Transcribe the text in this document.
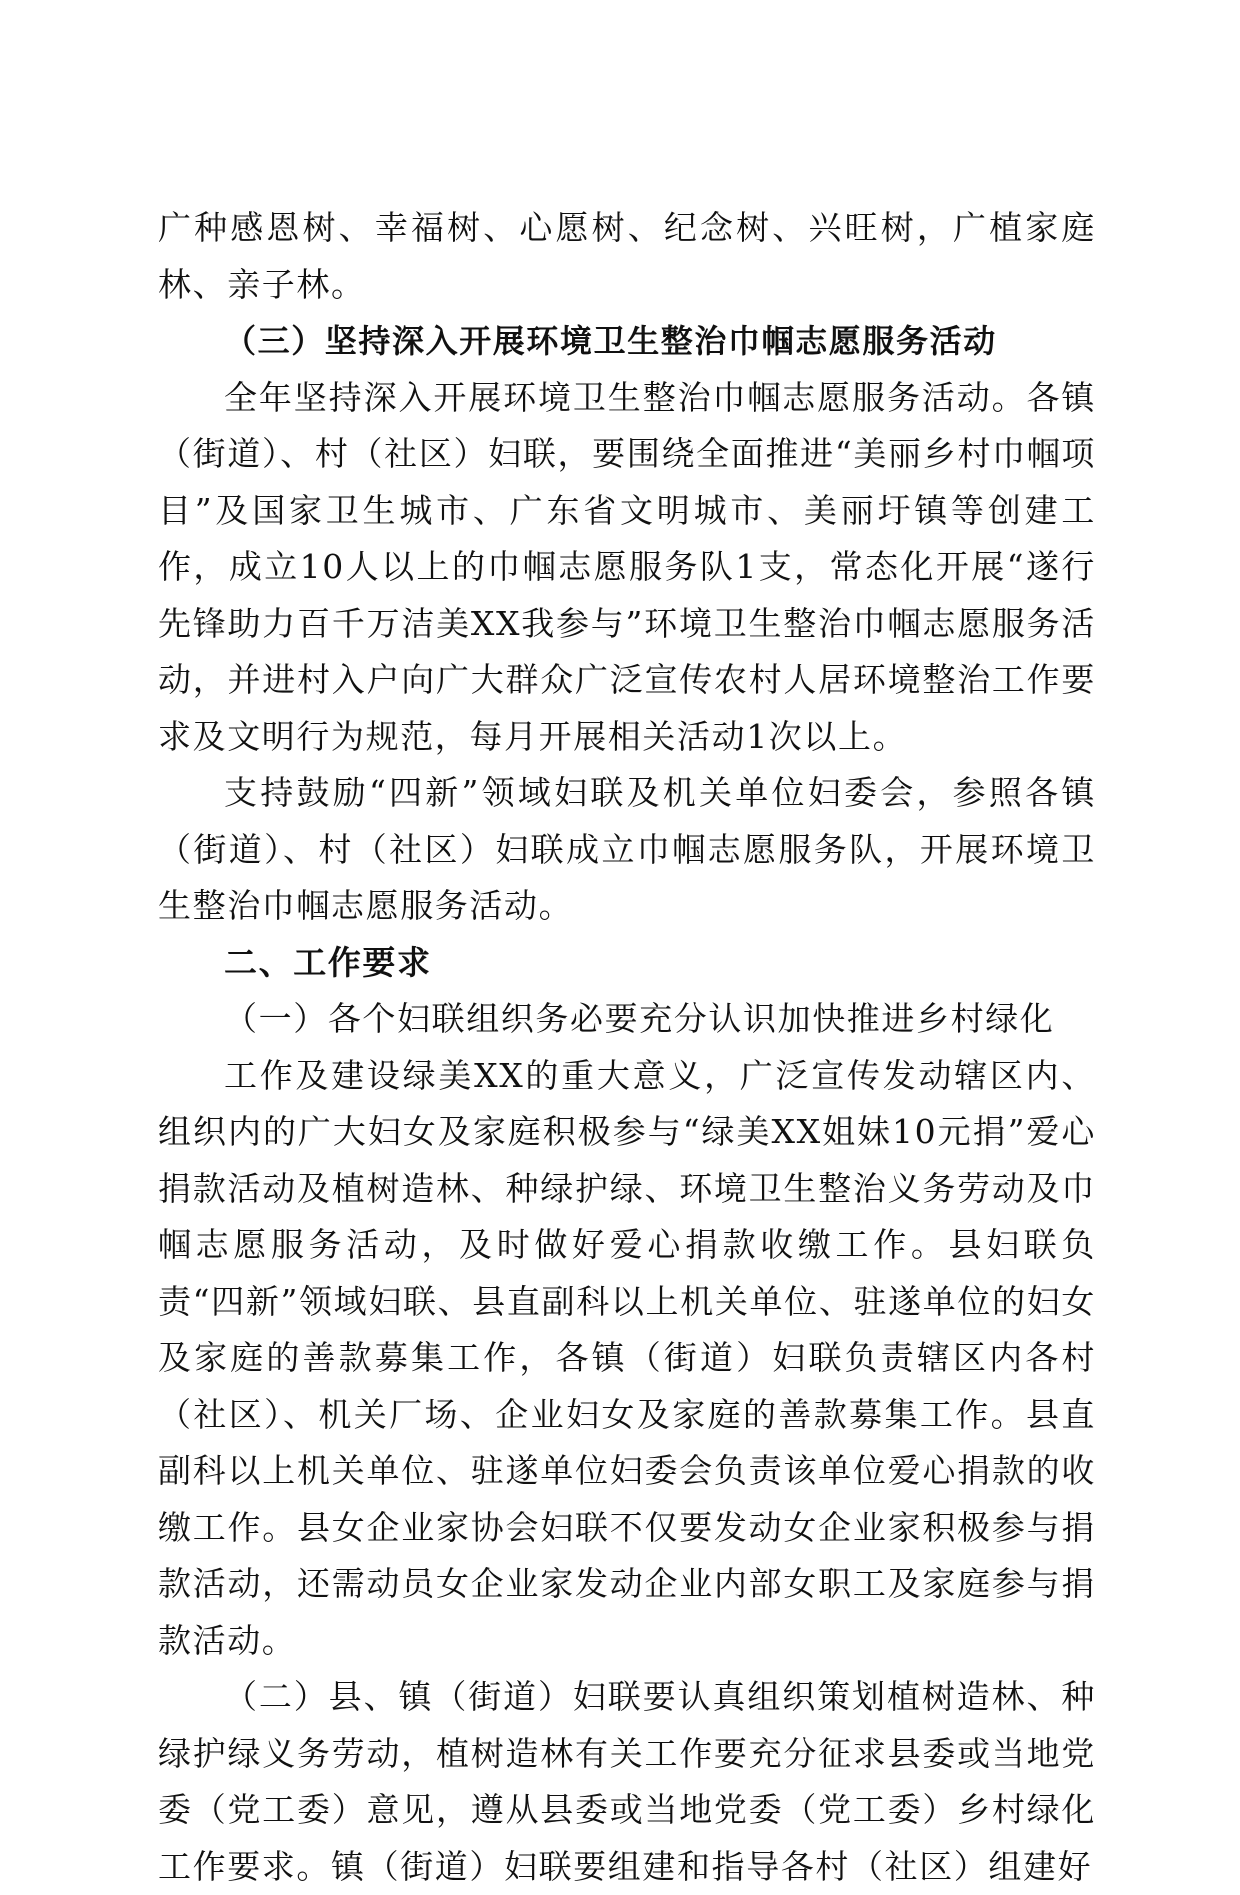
广种感恩树、幸福树、心愿树、纪念树、兴旺树，广植家庭林、亲子林。

（三）坚持深入开展环境卫生整治巾帼志愿服务活动

全年坚持深入开展环境卫生整治巾帼志愿服务活动。各镇（街道）、村（社区）妇联，要围绕全面推进“美丽乡村巾帼项目”及国家卫生城市、广东省文明城市、美丽圩镇等创建工作，成立10人以上的巾帼志愿服务队1支，常态化开展“遂行先锋助力百千万洁美XX我参与”环境卫生整治巾帼志愿服务活动，并进村入户向广大群众广泛宣传农村人居环境整治工作要求及文明行为规范，每月开展相关活动1次以上。

支持鼓励“四新”领域妇联及机关单位妇委会，参照各镇（街道）、村（社区）妇联成立巾帼志愿服务队，开展环境卫生整治巾帼志愿服务活动。

二、工作要求

（一）各个妇联组织务必要充分认识加快推进乡村绿化

工作及建设绿美XX的重大意义，广泛宣传发动辖区内、组织内的广大妇女及家庭积极参与“绿美XX姐妹10元捐”爱心捐款活动及植树造林、种绿护绿、环境卫生整治义务劳动及巾帼志愿服务活动，及时做好爱心捐款收缴工作。县妇联负责“四新”领域妇联、县直副科以上机关单位、驻遂单位的妇女及家庭的善款募集工作，各镇（街道）妇联负责辖区内各村（社区）、机关厂场、企业妇女及家庭的善款募集工作。县直副科以上机关单位、驻遂单位妇委会负责该单位爱心捐款的收缴工作。县女企业家协会妇联不仅要发动女企业家积极参与捐款活动，还需动员女企业家发动企业内部女职工及家庭参与捐款活动。

（二）县、镇（街道）妇联要认真组织策划植树造林、种绿护绿义务劳动，植树造林有关工作要充分征求县委或当地党委（党工委）意见，遵从县委或当地党委（党工委）乡村绿化工作要求。镇（街道）妇联要组建和指导各村（社区）组建好
